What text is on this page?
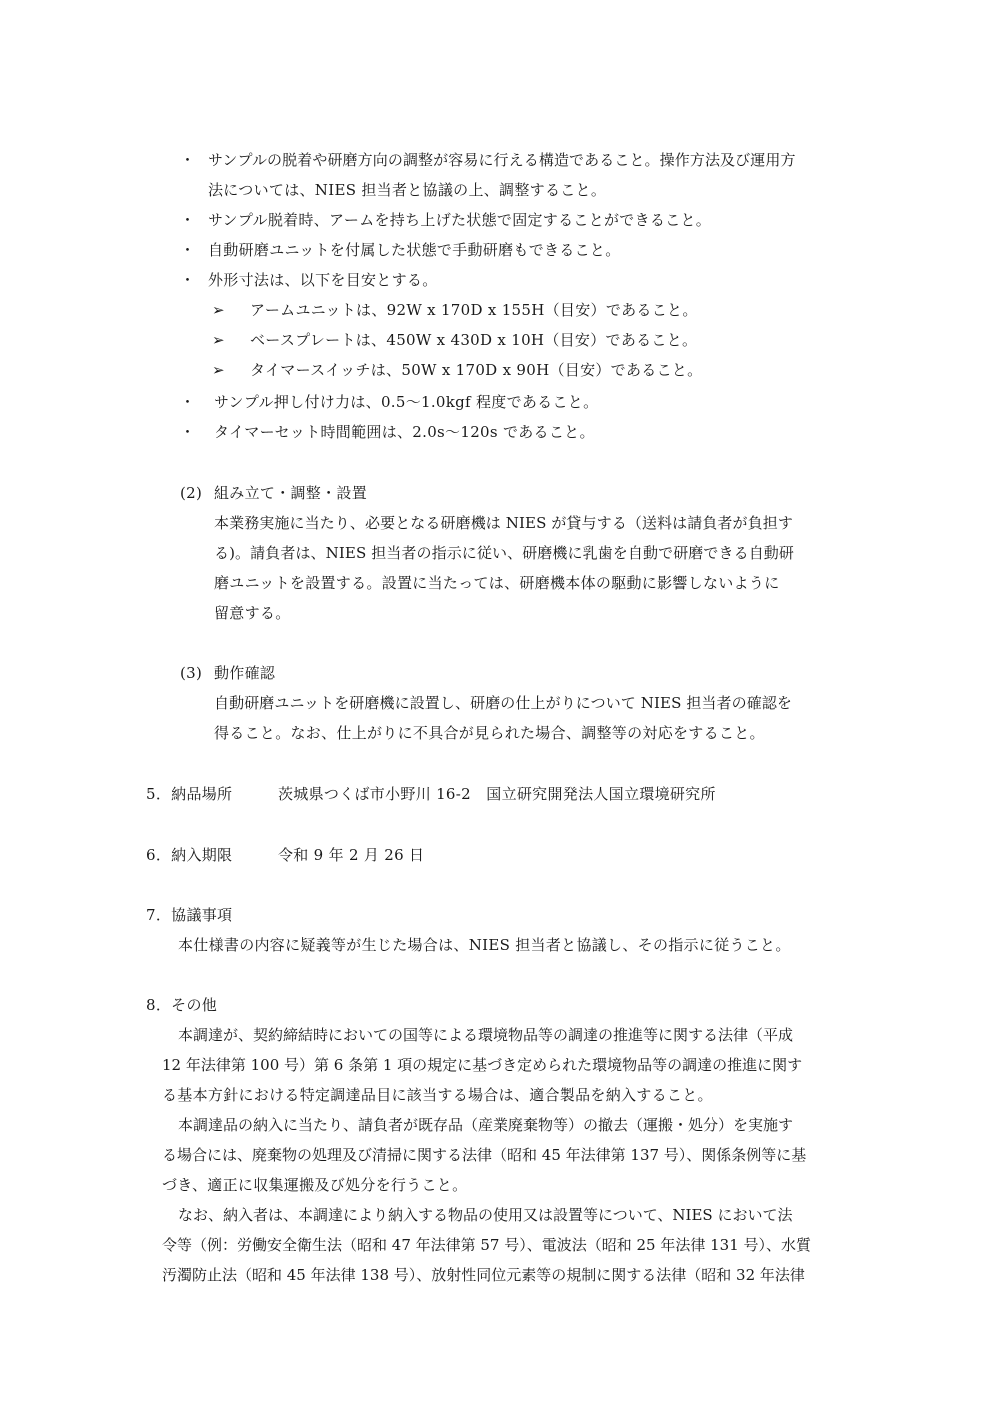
・ サンプルの脱着や研磨方向の調整が容易に行える構造であること。操作方法及び運用方
法については、NIES 担当者と協議の上、調整すること。
・ サンプル脱着時、アームを持ち上げた状態で固定することができること。
・ 自動研磨ユニットを付属した状態で手動研磨もできること。
・ 外形寸法は、以下を目安とする。
➢ アームユニットは、92W x 170D x 155H（目安）であること。
➢ ベースプレートは、450W x 430D x 10H（目安）であること。
➢ タイマースイッチは、50W x 170D x 90H（目安）であること。
・ サンプル押し付け力は、0.5～1.0kgf 程度であること。
・ タイマーセット時間範囲は、2.0s～120s であること。
(2) 組み立て・調整・設置
本業務実施に当たり、必要となる研磨機は NIES が貸与する（送料は請負者が負担す
る)。請負者は、NIES 担当者の指示に従い、研磨機に乳歯を自動で研磨できる自動研
磨ユニットを設置する。設置に当たっては、研磨機本体の駆動に影響しないように
留意する。
(3) 動作確認
自動研磨ユニットを研磨機に設置し、研磨の仕上がりについて NIES 担当者の確認を
得ること。なお、仕上がりに不具合が見られた場合、調整等の対応をすること。
5．納品場所	茨城県つくば市小野川 16-2　国立研究開発法人国立環境研究所
6．納入期限	令和 9 年 2 月 26 日
7．協議事項
本仕様書の内容に疑義等が生じた場合は、NIES 担当者と協議し、その指示に従うこと。
8．その他
本調達が、契約締結時においての国等による環境物品等の調達の推進等に関する法律（平成
12 年法律第 100 号）第 6 条第 1 項の規定に基づき定められた環境物品等の調達の推進に関す
る基本方針における特定調達品目に該当する場合は、適合製品を納入すること。
本調達品の納入に当たり、請負者が既存品（産業廃棄物等）の撤去（運搬・処分）を実施す
る場合には、廃棄物の処理及び清掃に関する法律（昭和 45 年法律第 137 号）、関係条例等に基
づき、適正に収集運搬及び処分を行うこと。
なお、納入者は、本調達により納入する物品の使用又は設置等について、NIES において法
令等（例：労働安全衛生法（昭和 47 年法律第 57 号）、電波法（昭和 25 年法律 131 号）、水質
汚濁防止法（昭和 45 年法律 138 号）、放射性同位元素等の規制に関する法律（昭和 32 年法律
